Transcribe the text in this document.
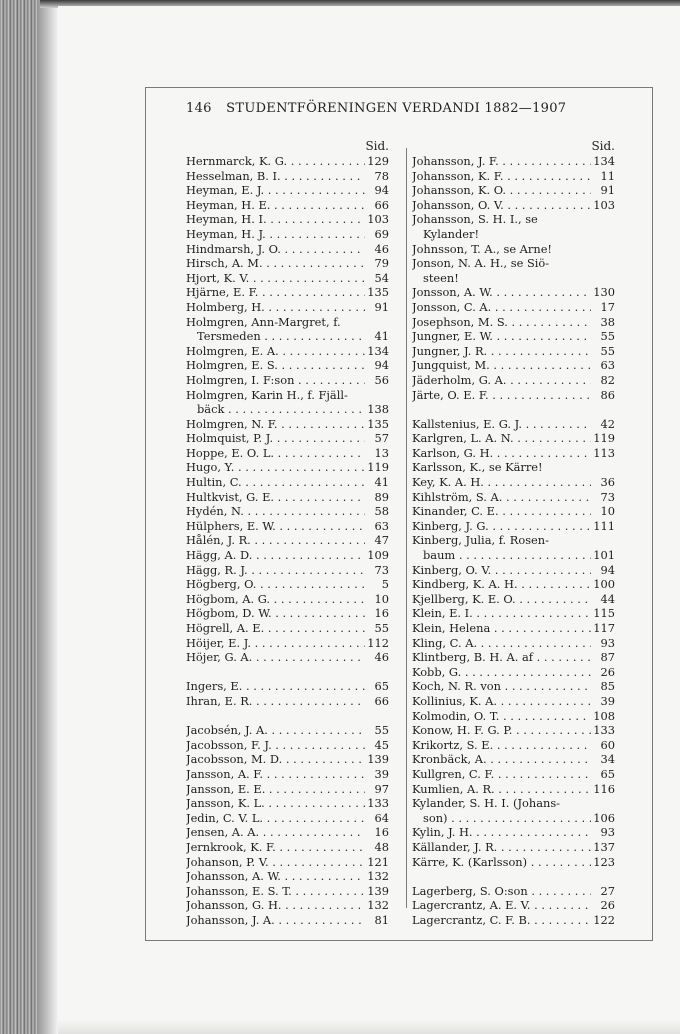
146 STUDENTFÖRENINGEN VERDANDI 1882—1907
Sid.
Hernmarck, K. G. . . .	129
Hesselman, B. I. . . .	78
Heyman, E. J. . . .	94
Heyman, H. E. . . .	66
Heyman, H. I. . . .	103
Heyman, H. J. . . .	69
Hindmarsh, J. O. . . .	46
Hirsch, A. M. . . .	79
Hjort, K. V. . . .	54
Hjärne, E. F. . . .	135
Holmberg, H. . . .	91
Holmgren, Ann-Margret, f.
Tersmeden . . .	41
Holmgren, E. A. . . .	134
Holmgren, E. S. . . .	94
Holmgren, I. F:son . . .	56
Holmgren, Karin H., f. Fjäll-
bäck . . .	138
Holmgren, N. F. . . .	135
Holmquist, P. J. . . .	57
Hoppe, E. O. L. . . .	13
Hugo, Y. . . .	119
Hultin, C. . . .	41
Hultkvist, G. E. . . .	89
Hydén, N. . . .	58
Hülphers, E. W. . . .	63
Hålén, J. R. . . .	47
Hägg, A. D. . . .	109
Hägg, R. J. . . .	73
Högberg, O. . . .	5
Högbom, A. G. . . .	10
Högbom, D. W. . . .	16
Högrell, A. E. . . .	55
Höijer, E. J. . . .	112
Höjer, G. A. . . .	46
Ingers, E. . . .	65
Ihran, E. R. . . .	66
Jacobsén, J. A. . . .	55
Jacobsson, F. J. . . .	45
Jacobsson, M. D. . . .	139
Jansson, A. F. . . .	39
Jansson, E. E. . . .	97
Jansson, K. L. . . .	133
Jedin, C. V. L. . . .	64
Jensen, A. A. . . .	16
Jernkrook, K. F. . . .	48
Johanson, P. V. . . .	121
Johansson, A. W. . . .	132
Johansson, E. S. T. . . .	139
Johansson, G. H. . . .	132
Johansson, J. A. . . .	81
Sid.
Johansson, J. F. . . .	134
Johansson, K. F. . . .	11
Johansson, K. O. . . .	91
Johansson, O. V. . . .	103
Johansson, S. H. I., se
Kylander!
Johnsson, T. A., se Arne!
Jonson, N. A. H., se Siö-
steen!
Jonsson, A. W. . . .	130
Jonsson, C. A. . . .	17
Josephson, M. S. . . .	38
Jungner, E. W. . . .	55
Jungner, J. R. . . .	55
Jungquist, M. . . .	63
Jäderholm, G. A. . . .	82
Järte, O. E. F. . . .	86
Kallstenius, E. G. J. . . .	42
Karlgren, L. A. N. . . .	119
Karlson, G. H. . . .	113
Karlsson, K., se Kärre!
Key, K. A. H. . . .	36
Kihlström, S. A. . . .	73
Kinander, C. E. . . .	10
Kinberg, J. G. . . .	111
Kinberg, Julia, f. Rosen-
baum . . .	101
Kinberg, O. V. . . .	94
Kindberg, K. A. H. . . .	100
Kjellberg, K. E. O. . . .	44
Klein, E. I. . . .	115
Klein, Helena . . .	117
Kling, C. A. . . .	93
Klintberg, B. H. A. af . . .	87
Kobb, G. . . .	26
Koch, N. R. von . . .	85
Kollinius, K. A. . . .	39
Kolmodin, O. T. . . .	108
Konow, H. F. G. P. . . .	133
Krikortz, S. E. . . .	60
Kronbäck, A. . . .	34
Kullgren, C. F. . . .	65
Kumlien, A. R. . . .	116
Kylander, S. H. I. (Johans-
son) . . .	106
Kylin, J. H. . . .	93
Källander, J. R. . . .	137
Kärre, K. (Karlsson) . . .	123
Lagerberg, S. O:son . . .	27
Lagercrantz, A. E. V. . . .	26
Lagercrantz, C. F. B. . . .	122
